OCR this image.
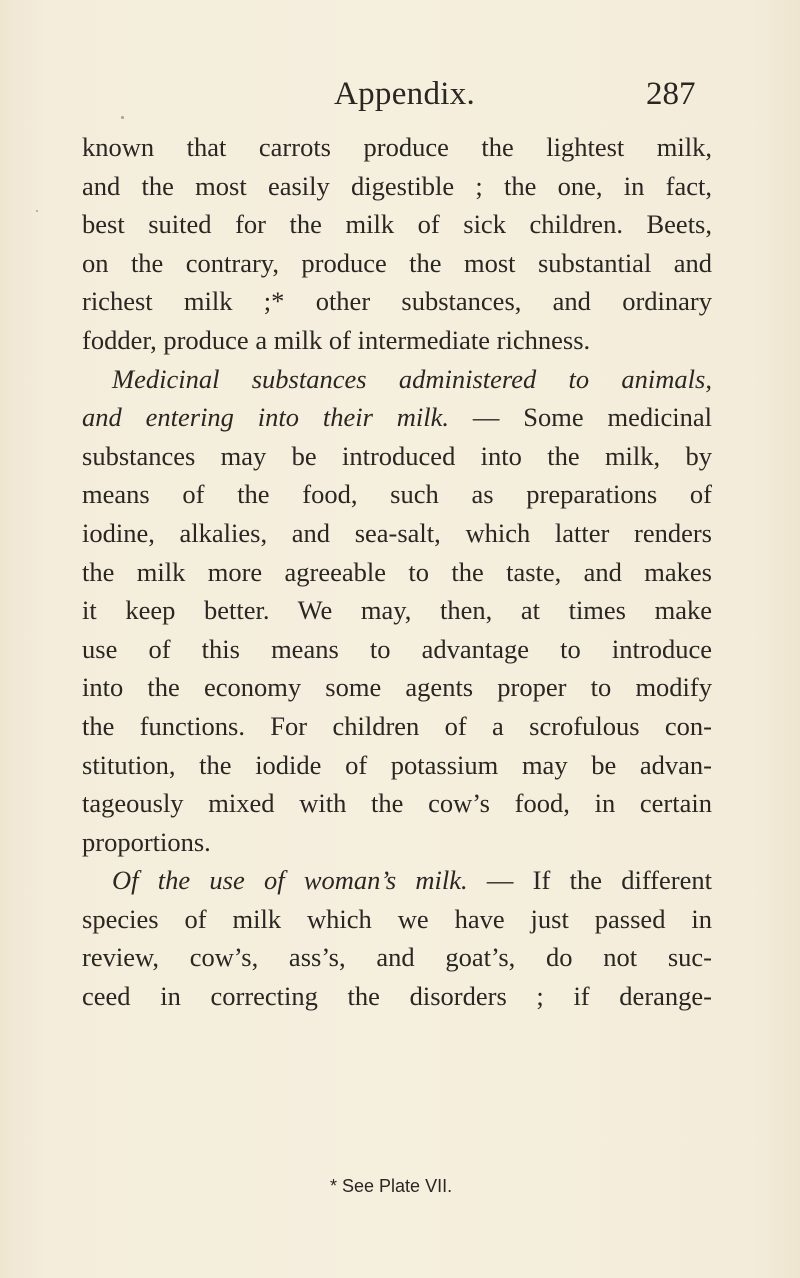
Appendix.	287
known that carrots produce the lightest milk,
and the most easily digestible ; the one, in fact,
best suited for the milk of sick children. Beets,
on the contrary, produce the most substantial and
richest milk ;* other substances, and ordinary
fodder, produce a milk of intermediate richness.
Medicinal substances administered to animals,
and entering into their milk. — Some medicinal
substances may be introduced into the milk, by
means of the food, such as preparations of
iodine, alkalies, and sea-salt, which latter renders
the milk more agreeable to the taste, and makes
it keep better. We may, then, at times make
use of this means to advantage to introduce
into the economy some agents proper to modify
the functions. For children of a scrofulous con-
stitution, the iodide of potassium may be advan-
tageously mixed with the cow’s food, in certain
proportions.
Of the use of woman’s milk. — If the different
species of milk which we have just passed in
review, cow’s, ass’s, and goat’s, do not suc-
ceed in correcting the disorders ; if derange-
* See Plate VII.
